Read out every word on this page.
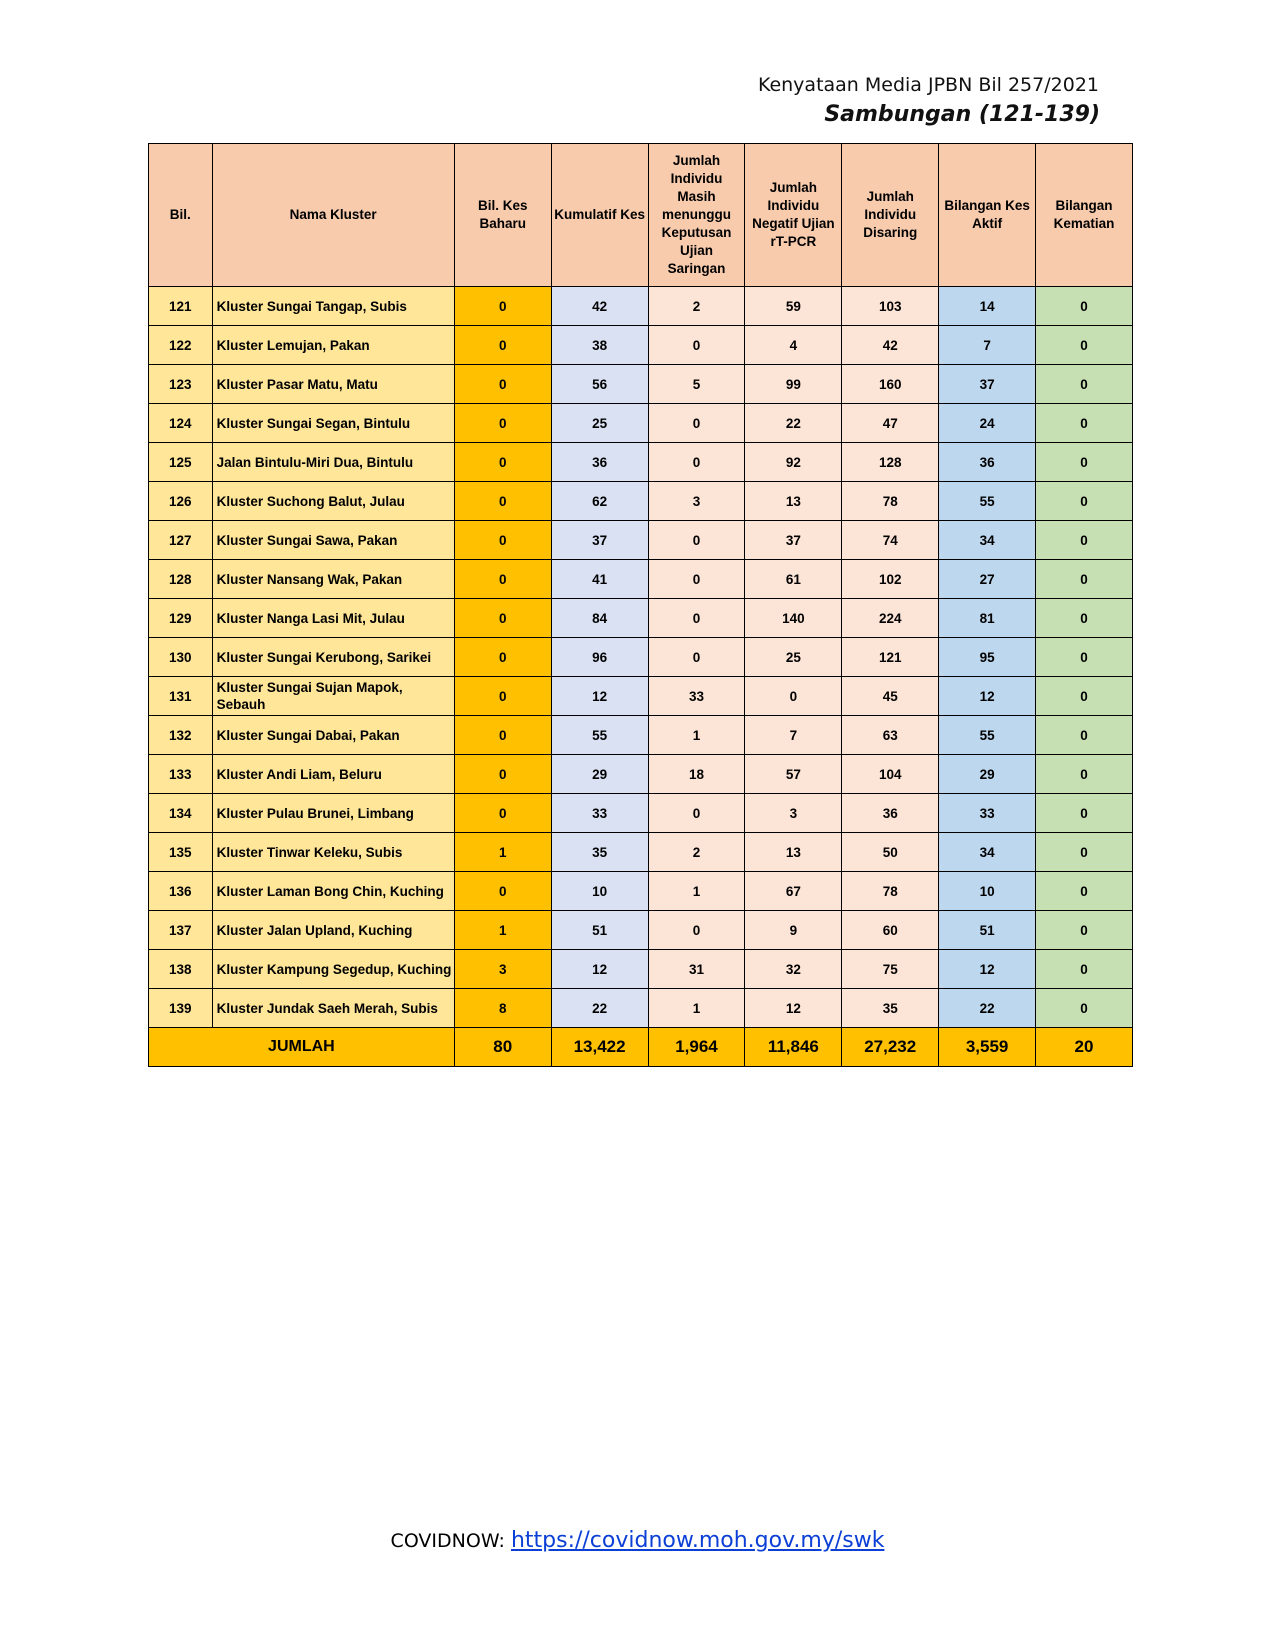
Kenyataan Media JPBN Bil 257/2021
Sambungan (121-139)
Bil.	Nama Kluster	Bil. Kes Baharu	Kumulatif Kes	Jumlah Individu Masih menunggu Keputusan Ujian Saringan	Jumlah Individu Negatif Ujian rT-PCR	Jumlah Individu Disaring	Bilangan Kes Aktif	Bilangan Kematian
121	Kluster Sungai Tangap, Subis	0	42	2	59	103	14	0
122	Kluster Lemujan, Pakan	0	38	0	4	42	7	0
123	Kluster Pasar Matu, Matu	0	56	5	99	160	37	0
124	Kluster Sungai Segan, Bintulu	0	25	0	22	47	24	0
125	Jalan Bintulu-Miri Dua, Bintulu	0	36	0	92	128	36	0
126	Kluster Suchong Balut, Julau	0	62	3	13	78	55	0
127	Kluster Sungai Sawa, Pakan	0	37	0	37	74	34	0
128	Kluster Nansang Wak, Pakan	0	41	0	61	102	27	0
129	Kluster Nanga Lasi Mit, Julau	0	84	0	140	224	81	0
130	Kluster Sungai Kerubong, Sarikei	0	96	0	25	121	95	0
131	Kluster Sungai Sujan Mapok, Sebauh	0	12	33	0	45	12	0
132	Kluster Sungai Dabai, Pakan	0	55	1	7	63	55	0
133	Kluster Andi Liam, Beluru	0	29	18	57	104	29	0
134	Kluster Pulau Brunei, Limbang	0	33	0	3	36	33	0
135	Kluster Tinwar Keleku, Subis	1	35	2	13	50	34	0
136	Kluster Laman Bong Chin, Kuching	0	10	1	67	78	10	0
137	Kluster Jalan Upland, Kuching	1	51	0	9	60	51	0
138	Kluster Kampung Segedup, Kuching	3	12	31	32	75	12	0
139	Kluster Jundak Saeh Merah, Subis	8	22	1	12	35	22	0
JUMLAH		80	13,422	1,964	11,846	27,232	3,559	20
COVIDNOW: https://covidnow.moh.gov.my/swk
